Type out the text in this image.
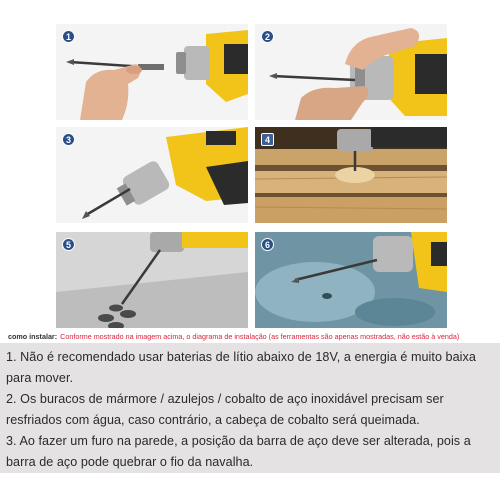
1	2
3	4
5	6
como instalar: Conforme mostrado na imagem acima, o diagrama de instalação (as ferramentas são apenas mostradas, não estão à venda)

1. Não é recomendado usar baterias de lítio abaixo de 18V, a energia é muito baixa para mover.

2. Os buracos de mármore / azulejos / cobalto de aço inoxidável precisam ser resfriados com água, caso contrário, a cabeça de cobalto será queimada.

3. Ao fazer um furo na parede, a posição da barra de aço deve ser alterada, pois a barra de aço pode quebrar o fio da navalha.
